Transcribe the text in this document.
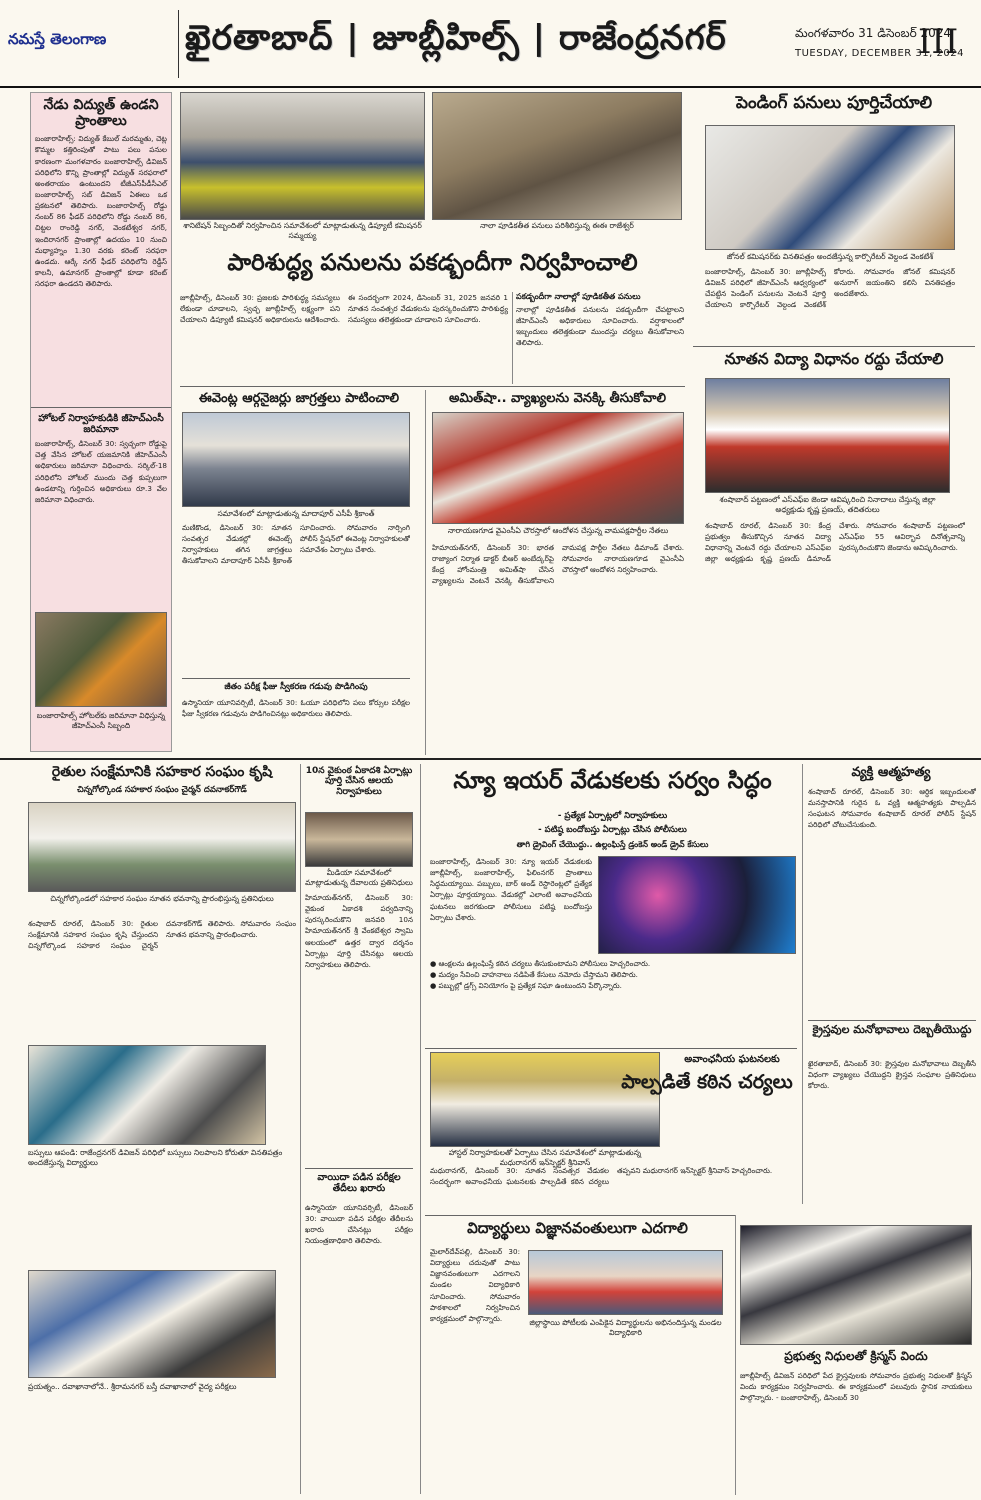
నమస్తే తెలంగాణ	ఖైరతాబాద్ | జూబ్లీహిల్స్ | రాజేంద్రనగర్	మంగళవారం 31 డిసెంబర్ 2024
TUESDAY, DECEMBER 31, 2024
III
నేడు విద్యుత్ ఉండని ప్రాంతాలు
బంజారాహిల్స్: విద్యుత్ కేబుల్ మరమ్మతు, చెట్ల కొమ్మల కత్తిరింపుతో పాటు పలు పనుల కారణంగా మంగళవారం బంజారాహిల్స్ డివిజన్ పరిధిలోని కొన్ని ప్రాంతాల్లో విద్యుత్ సరఫరాలో అంతరాయం ఉంటుందని టీజీఎస్‌పీడీసీఎల్ బంజారాహిల్స్ సబ్ డివిజన్ ఏఈలు ఒక ప్రకటనలో తెలిపారు. బంజారాహిల్స్ రోడ్డు నంబర్ 86 ఫీడర్ పరిధిలోని రోడ్డు నంబర్ 86, చిట్టల రాంరెడ్డి నగర్, వెంకటేశ్వర నగర్, ఇందిరానగర్ ప్రాంతాల్లో ఉదయం 10 నుంచి మధ్యాహ్నం 1.30 వరకు కరెంట్ సరఫరా ఉండదు. ఆర్కే నగర్ ఫీడర్ పరిధిలోని రెడ్డీస్ కాలనీ, ఉమానగర్ ప్రాంతాల్లో కూడా కరెంట్ సరఫరా ఉండదని తెలిపారు.
హోటల్ నిర్వాహకుడికి జీహెచ్ఎంసీ జరిమానా
బంజారాహిల్స్, డిసెంబర్ 30: స్వచ్ఛంగా రోడ్డుపై చెత్త వేసిన హోటల్ యజమానికి జీహెచ్ఎంసీ అధికారులు జరిమానా విధించారు. సర్కిల్-18 పరిధిలోని హోటల్ ముందు చెత్త కుప్పలుగా ఉండటాన్ని గుర్తించిన అధికారులు రూ.3 వేల జరిమానా విధించారు.
బంజారాహిల్స్ హోటల్‌కు జరిమానా విధిస్తున్న జీహెచ్ఎంసీ సిబ్బంది
శానిటేషన్ సిబ్బందితో నిర్వహించిన సమావేశంలో మాట్లాడుతున్న డిప్యూటీ కమిషనర్ సమ్మయ్య
నాలా పూడికతీత పనులు పరిశీలిస్తున్న ఈఈ రాజేశ్వర్
పారిశుద్ధ్య పనులను పకడ్బందీగా నిర్వహించాలి
జూబ్లీహిల్స్, డిసెంబర్ 30: ప్రజలకు పారిశుద్ధ్య సమస్యలు లేకుండా చూడాలని, స్వచ్ఛ జూబ్లీహిల్స్ లక్ష్యంగా పని చేయాలని డిప్యూటీ కమిషనర్ అధికారులను ఆదేశించారు. ఈ సందర్భంగా 2024, డిసెంబర్ 31, 2025 జనవరి 1 నూతన సంవత్సర వేడుకలను పురస్కరించుకొని పారిశుద్ధ్య సమస్యలు తలెత్తకుండా చూడాలని సూచించారు.
పకడ్బందీగా నాలాల్లో పూడికతీత పనులు
నాలాల్లో పూడికతీత పనులను పకడ్బందీగా చేపట్టాలని జీహెచ్ఎంసీ అధికారులు సూచించారు. వర్షాకాలంలో ఇబ్బందులు తలెత్తకుండా ముందస్తు చర్యలు తీసుకోవాలని తెలిపారు.
పెండింగ్ పనులు పూర్తిచేయాలి
జోనల్ కమిషనర్‌కు వినతిపత్రం అందజేస్తున్న కార్పొరేటర్ వెల్దండ వెంకటేశ్
బంజారాహిల్స్, డిసెంబర్ 30: జూబ్లీహిల్స్ డివిజన్ పరిధిలో జీహెచ్ఎంసీ ఆధ్వర్యంలో చేపట్టిన పెండింగ్ పనులను వెంటనే పూర్తి చేయాలని కార్పొరేటర్ వెల్దండ వెంకటేశ్ కోరారు. సోమవారం జోనల్ కమిషనర్ అనురాగ్ జయంతిని కలిసి వినతిపత్రం అందజేశారు.
నూతన విద్యా విధానం రద్దు చేయాలి
శంషాబాద్ పట్టణంలో ఎస్‌ఎఫ్‌ఐ జెండా ఆవిష్కరించి నినాదాలు చేస్తున్న జిల్లా అధ్యక్షుడు కృష్ణ ప్రణయ్, తదితరులు
శంషాబాద్ రూరల్, డిసెంబర్ 30: కేంద్ర ప్రభుత్వం తీసుకొచ్చిన నూతన విద్యా విధానాన్ని వెంటనే రద్దు చేయాలని ఎస్‌ఎఫ్‌ఐ జిల్లా అధ్యక్షుడు కృష్ణ ప్రణయ్ డిమాండ్ చేశారు. సోమవారం శంషాబాద్ పట్టణంలో ఎస్‌ఎఫ్‌ఐ 55 ఆవిర్భావ దినోత్సవాన్ని పురస్కరించుకొని జెండాను ఆవిష్కరించారు.
ఈవెంట్ల ఆర్గనైజర్లు జాగ్రత్తలు పాటించాలి
సమావేశంలో మాట్లాడుతున్న మాదాపూర్ ఎసీపీ శ్రీకాంత్
మణికొండ, డిసెంబర్ 30: నూతన సంవత్సర వేడుకల్లో ఈవెంట్స్ నిర్వాహకులు తగిన జాగ్రత్తలు తీసుకోవాలని మాదాపూర్ ఏసీపీ శ్రీకాంత్ సూచించారు. సోమవారం నార్సింగి పోలీస్ స్టేషన్‌లో ఈవెంట్ల నిర్వాహకులతో సమావేశం ఏర్పాటు చేశారు.
జీతం పరీక్ష ఫీజు స్వీకరణ గడువు పొడిగింపు
ఉస్మానియా యూనివర్సిటీ, డిసెంబర్ 30: ఓయూ పరిధిలోని పలు కోర్సుల పరీక్షల ఫీజు స్వీకరణ గడువును పొడిగించినట్లు అధికారులు తెలిపారు.
అమిత్‌షా.. వ్యాఖ్యలను వెనక్కి తీసుకోవాలి
నారాయణగూడ వైఎంసీఏ చౌరస్తాలో ఆందోళన చేస్తున్న వామపక్షపార్టీల నేతలు
హిమాయత్‌నగర్, డిసెంబర్ 30: భారత రాజ్యాంగ నిర్మాత డాక్టర్ బీఆర్ అంబేద్కర్‌పై కేంద్ర హోంమంత్రి అమిత్‌షా చేసిన వ్యాఖ్యలను వెంటనే వెనక్కి తీసుకోవాలని వామపక్ష పార్టీల నేతలు డిమాండ్ చేశారు. సోమవారం నారాయణగూడ వైఎంసీఏ చౌరస్తాలో ఆందోళన నిర్వహించారు.
రైతుల సంక్షేమానికి సహకార సంఘం కృషి
చిన్నగోల్కొండ సహకార సంఘం చైర్మన్ దవనాకర్‌గౌడ్
చిన్నగోల్కొండలో సహకార సంఘం నూతన భవనాన్ని ప్రారంభిస్తున్న ప్రతినిధులు
శంషాబాద్ రూరల్, డిసెంబర్ 30: రైతుల సంక్షేమానికి సహకార సంఘం కృషి చేస్తుందని చిన్నగోల్కొండ సహకార సంఘం చైర్మన్ దవనాకర్‌గౌడ్ తెలిపారు. సోమవారం సంఘం నూతన భవనాన్ని ప్రారంభించారు.
బస్సులు ఆపండి: రాజేంద్రనగర్ డివిజన్ పరిధిలో బస్సులు నిలపాలని కోరుతూ వినతిపత్రం అందజేస్తున్న విద్యార్థులు
ప్రయత్నం.. దవాఖానాలోనే.. శ్రీరామనగర్ బస్తీ దవాఖానాలో వైద్య పరీక్షలు
10న వైకుంఠ ఏకాదశి ఏర్పాట్లు పూర్తి చేసిన ఆలయ నిర్వాహకులు
మీడియా సమావేశంలో మాట్లాడుతున్న దేవాలయ ప్రతినిధులు
హిమాయత్‌నగర్, డిసెంబర్ 30: వైకుంఠ ఏకాదశి పర్వదినాన్ని పురస్కరించుకొని జనవరి 10న హిమాయత్‌నగర్ శ్రీ వేంకటేశ్వర స్వామి ఆలయంలో ఉత్తర ద్వార దర్శనం ఏర్పాట్లు పూర్తి చేసినట్లు ఆలయ నిర్వాహకులు తెలిపారు.
వాయిదా పడిన పరీక్షల తేదీలు ఖరారు
ఉస్మానియా యూనివర్సిటీ, డిసెంబర్ 30: వాయిదా పడిన పరీక్షల తేదీలను ఖరారు చేసినట్లు పరీక్షల నియంత్రణాధికారి తెలిపారు.
న్యూ ఇయర్ వేడుకలకు సర్వం సిద్ధం
- ప్రత్యేక ఏర్పాట్లలో నిర్వాహకులు
- పటిష్ఠ బందోబస్తు ఏర్పాట్లు చేసిన పోలీసులు
తాగి డ్రైవింగ్ చేయొద్దు.. ఉల్లంఘిస్తే డ్రంకెన్ అండ్ డ్రైవ్ కేసులు
బంజారాహిల్స్, డిసెంబర్ 30: న్యూ ఇయర్ వేడుకలకు జూబ్లీహిల్స్, బంజారాహిల్స్, ఫిలింనగర్ ప్రాంతాలు సిద్ధమయ్యాయి. పబ్బులు, బార్ అండ్ రెస్టారెంట్లలో ప్రత్యేక ఏర్పాట్లు పూర్తయ్యాయి. వేడుకల్లో ఎలాంటి అవాంఛనీయ ఘటనలు జరగకుండా పోలీసులు పటిష్ఠ బందోబస్తు ఏర్పాటు చేశారు.
● ఆంక్షలను ఉల్లంఘిస్తే కఠిన చర్యలు తీసుకుంటామని పోలీసులు హెచ్చరించారు.
● మద్యం సేవించి వాహనాలు నడిపితే కేసులు నమోదు చేస్తామని తెలిపారు.
● పబ్బుల్లో డ్రగ్స్ వినియోగం పై ప్రత్యేక నిఘా ఉంటుందని పేర్కొన్నారు.
వ్యక్తి ఆత్మహత్య
శంషాబాద్ రూరల్, డిసెంబర్ 30: ఆర్థిక ఇబ్బందులతో మనస్తాపానికి గురైన ఓ వ్యక్తి ఆత్మహత్యకు పాల్పడిన సంఘటన సోమవారం శంషాబాద్ రూరల్ పోలీస్ స్టేషన్ పరిధిలో చోటుచేసుకుంది.
క్రైస్తవుల మనోభావాలు దెబ్బతీయొద్దు
ఖైరతాబాద్, డిసెంబర్ 30: క్రైస్తవుల మనోభావాలు దెబ్బతీసే విధంగా వ్యాఖ్యలు చేయొద్దని క్రైస్తవ సంఘాల ప్రతినిధులు కోరారు.
హాస్టల్ నిర్వాహకులతో ఏర్పాటు చేసిన సమావేశంలో మాట్లాడుతున్న మధురానగర్ ఇన్‌స్పెక్టర్ శ్రీనివాస్
అవాంఛనీయ ఘటనలకు
పాల్పడితే కఠిన చర్యలు
మధురానగర్, డిసెంబర్ 30: నూతన సంవత్సర వేడుకల సందర్భంగా అవాంఛనీయ ఘటనలకు పాల్పడితే కఠిన చర్యలు తప్పవని మధురానగర్ ఇన్‌స్పెక్టర్ శ్రీనివాస్ హెచ్చరించారు.
విద్యార్థులు విజ్ఞానవంతులుగా ఎదగాలి
మైలార్‌దేవ్‌పల్లి, డిసెంబర్ 30: విద్యార్థులు చదువుతో పాటు విజ్ఞానవంతులుగా ఎదగాలని మండల విద్యాధికారి సూచించారు. సోమవారం పాఠశాలలో నిర్వహించిన కార్యక్రమంలో పాల్గొన్నారు.	జిల్లాస్థాయి పోటీలకు ఎంపికైన విద్యార్థులను అభినందిస్తున్న మండల విద్యాధికారి
ప్రభుత్వ నిధులతో క్రిస్మస్ విందు
జూబ్లీహిల్స్ డివిజన్ పరిధిలో పేద క్రైస్తవులకు సోమవారం ప్రభుత్వ నిధులతో క్రిస్మస్ విందు కార్యక్రమం నిర్వహించారు. ఈ కార్యక్రమంలో పలువురు స్థానిక నాయకులు పాల్గొన్నారు. - బంజారాహిల్స్, డిసెంబర్ 30
